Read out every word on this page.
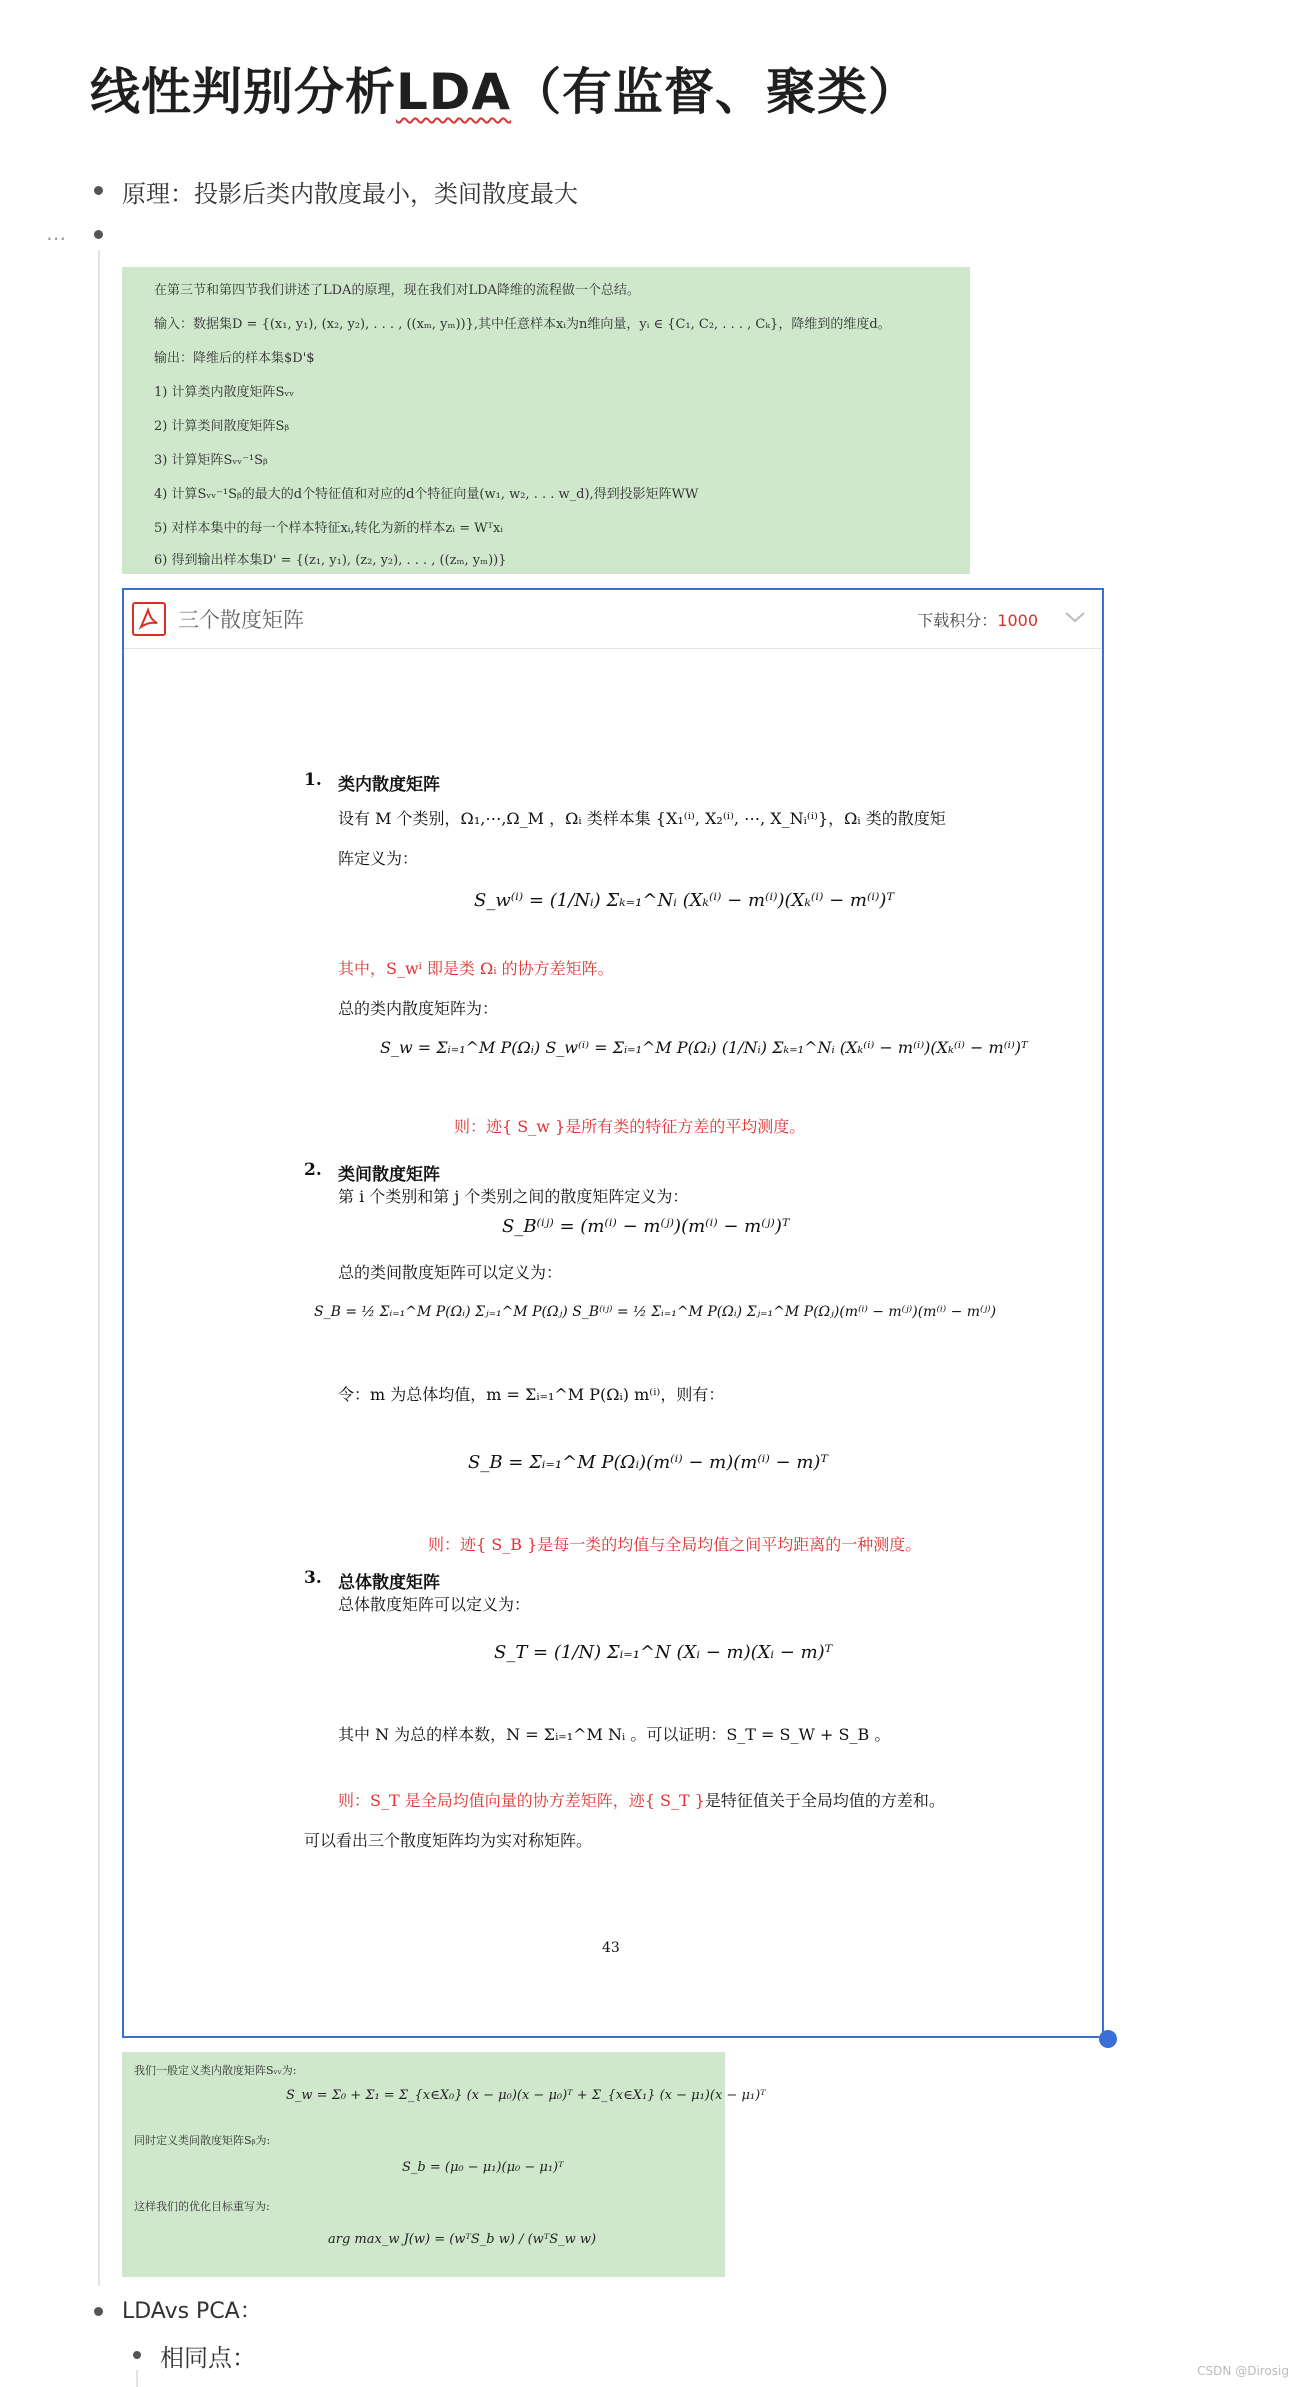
线性判别分析LDA（有监督、聚类）
原理：投影后类内散度最小，类间散度最大
⋯
在第三节和第四节我们讲述了LDA的原理，现在我们对LDA降维的流程做一个总结。
输入：数据集D = {(x₁, y₁), (x₂, y₂), . . . , ((xₘ, yₘ))},其中任意样本xᵢ为n维向量，yᵢ ∈ {C₁, C₂, . . . , Cₖ}，降维到的维度d。
输出：降维后的样本集$D'$
1) 计算类内散度矩阵Sᵥᵥ
2) 计算类间散度矩阵Sᵦ
3) 计算矩阵Sᵥᵥ⁻¹Sᵦ
4) 计算Sᵥᵥ⁻¹Sᵦ的最大的d个特征值和对应的d个特征向量(w₁, w₂, . . . w_d),得到投影矩阵WW
5) 对样本集中的每一个样本特征xᵢ,转化为新的样本zᵢ = Wᵀxᵢ
6) 得到输出样本集D' = {(z₁, y₁), (z₂, y₂), . . . , ((zₘ, yₘ))}
三个散度矩阵	下载积分：1000
1. 类内散度矩阵
设有 M 个类别，Ω₁,⋯,Ω_M ，Ωᵢ 类样本集 {X₁⁽ⁱ⁾, X₂⁽ⁱ⁾, ⋯, X_Nᵢ⁽ⁱ⁾}，Ωᵢ 类的散度矩
阵定义为：
S_w⁽ⁱ⁾ = (1/Nᵢ) Σₖ₌₁^Nᵢ (Xₖ⁽ⁱ⁾ − m⁽ⁱ⁾)(Xₖ⁽ⁱ⁾ − m⁽ⁱ⁾)ᵀ
其中，S_wⁱ 即是类 Ωᵢ 的协方差矩阵。
总的类内散度矩阵为：
S_w = Σᵢ₌₁^M P(Ωᵢ) S_w⁽ⁱ⁾ = Σᵢ₌₁^M P(Ωᵢ) (1/Nᵢ) Σₖ₌₁^Nᵢ (Xₖ⁽ⁱ⁾ − m⁽ⁱ⁾)(Xₖ⁽ⁱ⁾ − m⁽ⁱ⁾)ᵀ
则：迹{ S_w }是所有类的特征方差的平均测度。
2. 类间散度矩阵
第 i 个类别和第 j 个类别之间的散度矩阵定义为：
S_B⁽ⁱʲ⁾ = (m⁽ⁱ⁾ − m⁽ʲ⁾)(m⁽ⁱ⁾ − m⁽ʲ⁾)ᵀ
总的类间散度矩阵可以定义为：
S_B = ½ Σᵢ₌₁^M P(Ωᵢ) Σⱼ₌₁^M P(Ωⱼ) S_B⁽ⁱʲ⁾ = ½ Σᵢ₌₁^M P(Ωᵢ) Σⱼ₌₁^M P(Ωⱼ)(m⁽ⁱ⁾ − m⁽ʲ⁾)(m⁽ⁱ⁾ − m⁽ʲ⁾)
令：m 为总体均值，m = Σᵢ₌₁^M P(Ωᵢ) m⁽ⁱ⁾，则有：
S_B = Σᵢ₌₁^M P(Ωᵢ)(m⁽ⁱ⁾ − m)(m⁽ⁱ⁾ − m)ᵀ
则：迹{ S_B }是每一类的均值与全局均值之间平均距离的一种测度。
3. 总体散度矩阵
总体散度矩阵可以定义为：
S_T = (1/N) Σᵢ₌₁^N (Xᵢ − m)(Xᵢ − m)ᵀ
其中 N 为总的样本数，N = Σᵢ₌₁^M Nᵢ 。可以证明：S_T = S_W + S_B 。
则：S_T 是全局均值向量的协方差矩阵，迹{ S_T }是特征值关于全局均值的方差和。
可以看出三个散度矩阵均为实对称矩阵。
43
我们一般定义类内散度矩阵Sᵥᵥ为:
S_w = Σ₀ + Σ₁ = Σ_{x∈X₀} (x − μ₀)(x − μ₀)ᵀ + Σ_{x∈X₁} (x − μ₁)(x − μ₁)ᵀ
同时定义类间散度矩阵Sᵦ为:
S_b = (μ₀ − μ₁)(μ₀ − μ₁)ᵀ
这样我们的优化目标重写为:
arg max_w J(w) = (wᵀS_b w) / (wᵀS_w w)
LDAvs PCA：
相同点：	CSDN @Dirosig
